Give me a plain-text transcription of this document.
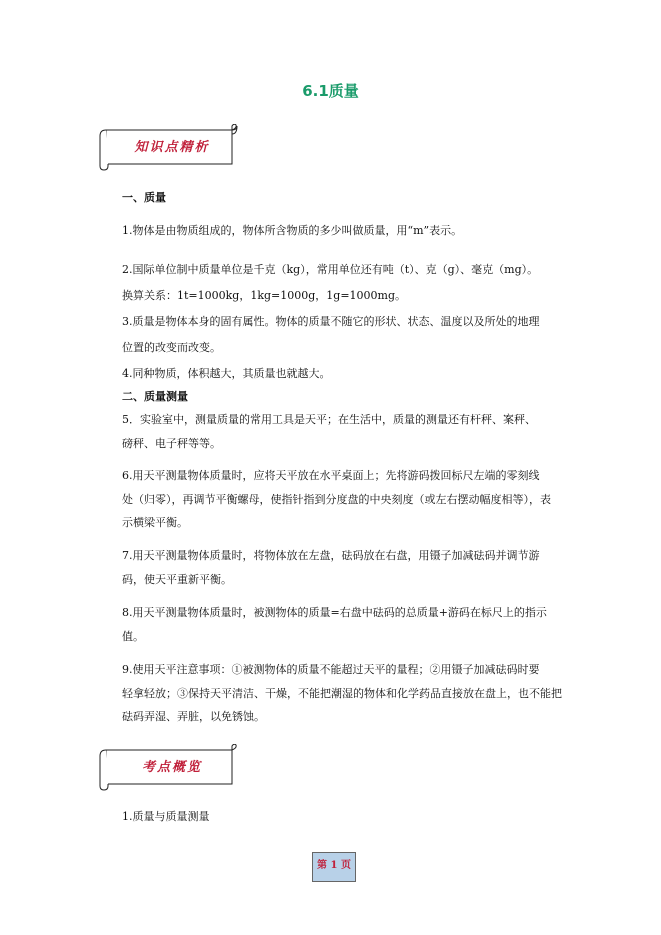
6.1质量
知识点精析
一、质量
1.物体是由物质组成的，物体所含物质的多少叫做质量，用“m”表示。
2.国际单位制中质量单位是千克（kg），常用单位还有吨（t）、克（g）、毫克（mg）。
换算关系：1t=1000kg，1kg=1000g，1g=1000mg。
3.质量是物体本身的固有属性。物体的质量不随它的形状、状态、温度以及所处的地理
位置的改变而改变。
4.同种物质，体积越大，其质量也就越大。
二、质量测量
5．实验室中，测量质量的常用工具是天平；在生活中，质量的测量还有杆秤、案秤、
磅秤、电子秤等等。
6.用天平测量物体质量时，应将天平放在水平桌面上；先将游码拨回标尺左端的零刻线
处（归零），再调节平衡螺母，使指针指到分度盘的中央刻度（或左右摆动幅度相等），表
示横梁平衡。
7.用天平测量物体质量时，将物体放在左盘，砝码放在右盘，用镊子加减砝码并调节游
码，使天平重新平衡。
8.用天平测量物体质量时，被测物体的质量=右盘中砝码的总质量+游码在标尺上的指示
值。
9.使用天平注意事项：①被测物体的质量不能超过天平的量程；②用镊子加减砝码时要
轻拿轻放；③保持天平清洁、干燥，不能把潮湿的物体和化学药品直接放在盘上，也不能把
砝码弄湿、弄脏，以免锈蚀。
考点概览
1.质量与质量测量
第 1 页
